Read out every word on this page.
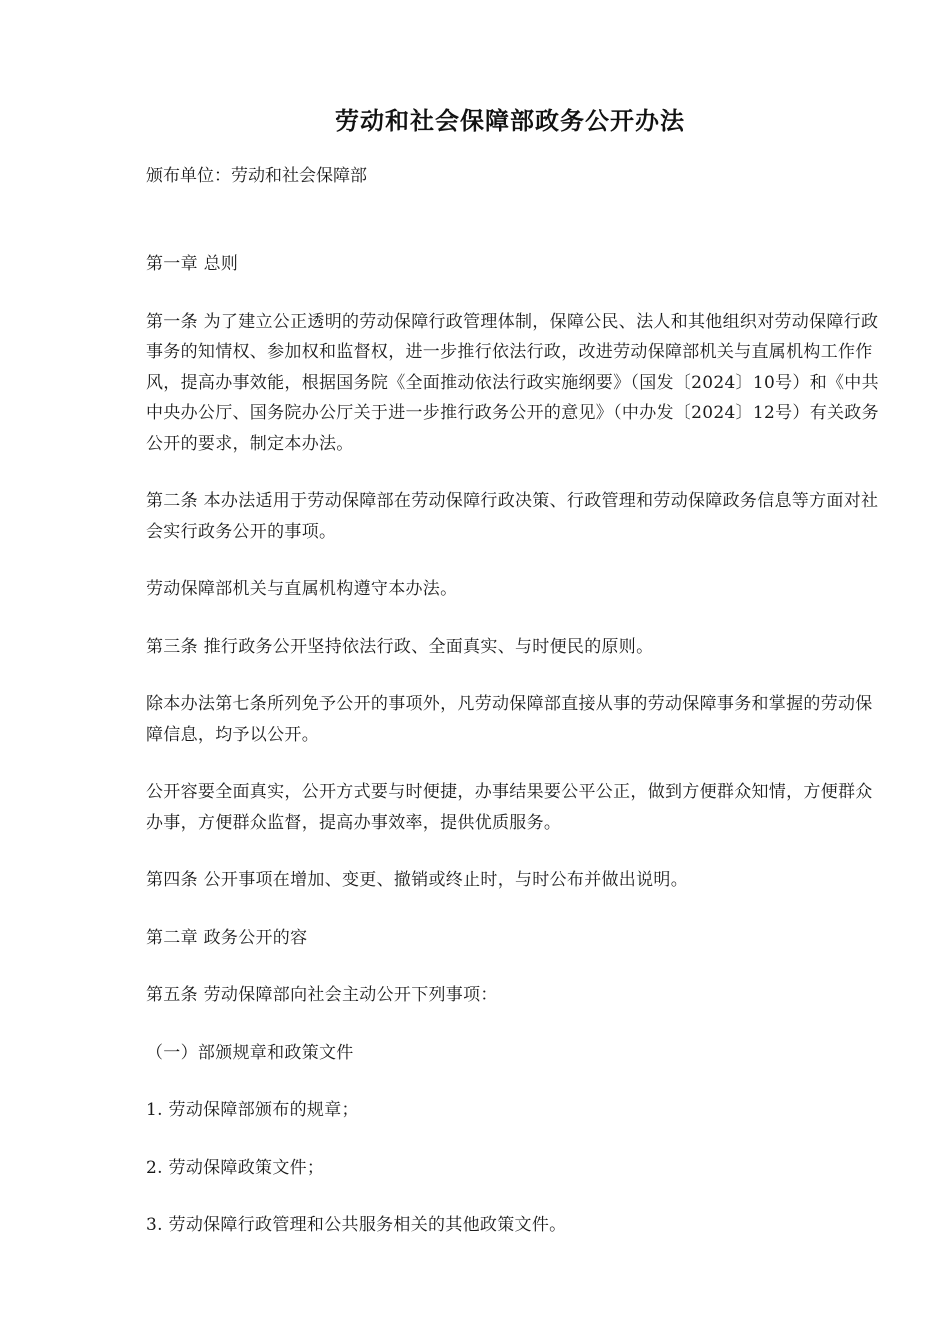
劳动和社会保障部政务公开办法
颁布单位：劳动和社会保障部

第一章 总则

第一条 为了建立公正透明的劳动保障行政管理体制，保障公民、法人和其他组织对劳动保障行政事务的知情权、参加权和监督权，进一步推行依法行政，改进劳动保障部机关与直属机构工作作风，提高办事效能，根据国务院《全面推动依法行政实施纲要》（国发〔2024〕10号）和《中共中央办公厅、国务院办公厅关于进一步推行政务公开的意见》（中办发〔2024〕12号）有关政务公开的要求，制定本办法。

第二条 本办法适用于劳动保障部在劳动保障行政决策、行政管理和劳动保障政务信息等方面对社会实行政务公开的事项。

劳动保障部机关与直属机构遵守本办法。

第三条 推行政务公开坚持依法行政、全面真实、与时便民的原则。

除本办法第七条所列免予公开的事项外，凡劳动保障部直接从事的劳动保障事务和掌握的劳动保障信息，均予以公开。

公开容要全面真实，公开方式要与时便捷，办事结果要公平公正，做到方便群众知情，方便群众办事，方便群众监督，提高办事效率，提供优质服务。

第四条 公开事项在增加、变更、撤销或终止时，与时公布并做出说明。

第二章 政务公开的容

第五条 劳动保障部向社会主动公开下列事项：

（一）部颁规章和政策文件

1. 劳动保障部颁布的规章；

2. 劳动保障政策文件；

3. 劳动保障行政管理和公共服务相关的其他政策文件。
